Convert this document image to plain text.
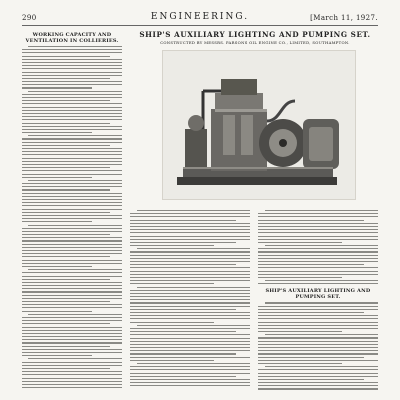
290	ENGINEERING.	[March 11, 1927.
WORKING CAPACITY AND VENTILATION IN COLLIERIES.
SHIP'S AUXILIARY LIGHTING AND PUMPING SET.
CONSTRUCTED BY MESSRS. PARSONS OIL ENGINE CO., LIMITED, SOUTHAMPTON.
SHIP'S AUXILIARY LIGHTING AND PUMPING SET.
